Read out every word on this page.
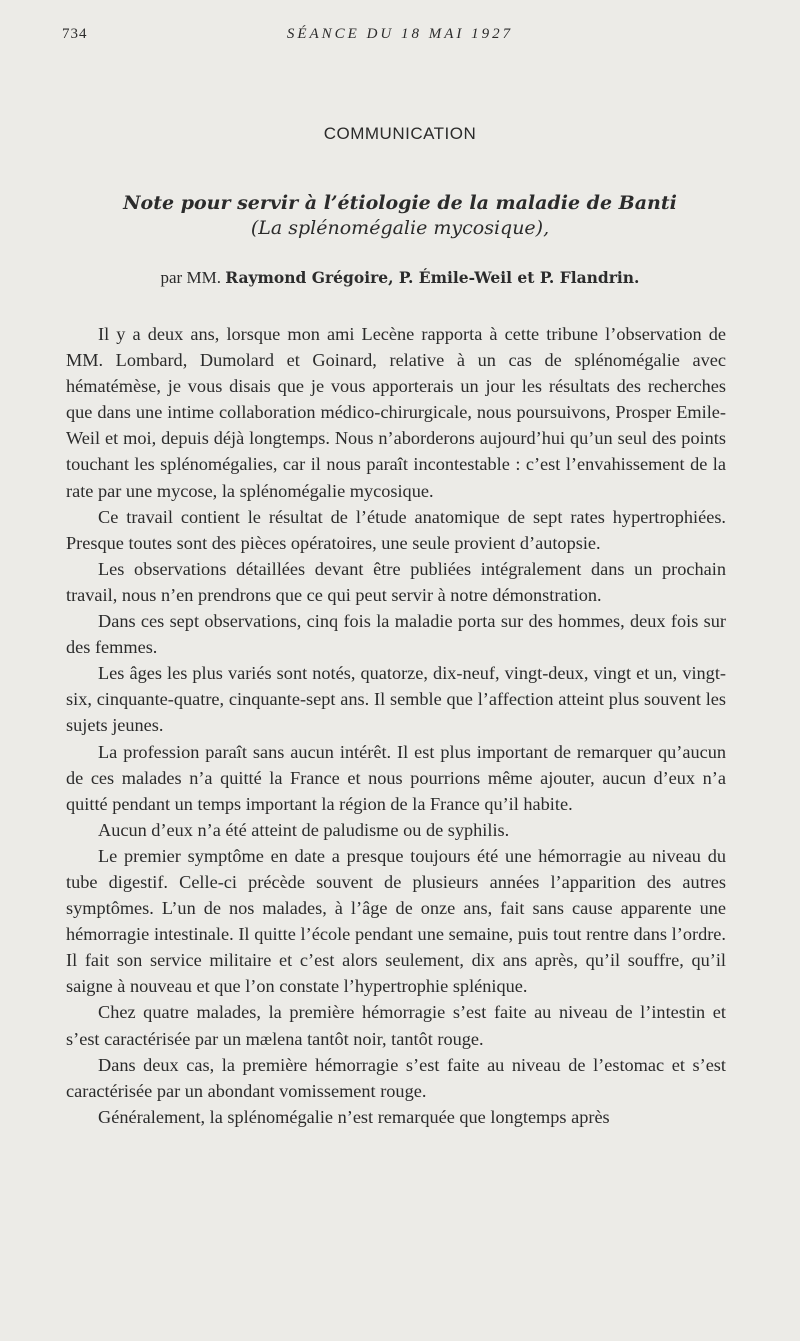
734	SÉANCE DU 18 MAI 1927
COMMUNICATION
Note pour servir à l’étiologie de la maladie de Banti
(La splénomégalie mycosique),
par MM. Raymond Grégoire, P. Émile-Weil et P. Flandrin.

Il y a deux ans, lorsque mon ami Lecène rapporta à cette tribune l’observation de MM. Lombard, Dumolard et Goinard, relative à un cas de splénomégalie avec hématémèse, je vous disais que je vous apporterais un jour les résultats des recherches que dans une intime collaboration médico-chirurgicale, nous poursuivons, Prosper Emile-Weil et moi, depuis déjà longtemps. Nous n’aborderons aujourd’hui qu’un seul des points touchant les splénomégalies, car il nous paraît incontestable : c’est l’envahissement de la rate par une mycose, la splénomégalie mycosique.

Ce travail contient le résultat de l’étude anatomique de sept rates hypertrophiées. Presque toutes sont des pièces opératoires, une seule provient d’autopsie.

Les observations détaillées devant être publiées intégralement dans un prochain travail, nous n’en prendrons que ce qui peut servir à notre démonstration.

Dans ces sept observations, cinq fois la maladie porta sur des hommes, deux fois sur des femmes.

Les âges les plus variés sont notés, quatorze, dix-neuf, vingt-deux, vingt et un, vingt-six, cinquante-quatre, cinquante-sept ans. Il semble que l’affection atteint plus souvent les sujets jeunes.

La profession paraît sans aucun intérêt. Il est plus important de remarquer qu’aucun de ces malades n’a quitté la France et nous pourrions même ajouter, aucun d’eux n’a quitté pendant un temps important la région de la France qu’il habite.

Aucun d’eux n’a été atteint de paludisme ou de syphilis.

Le premier symptôme en date a presque toujours été une hémorragie au niveau du tube digestif. Celle-ci précède souvent de plusieurs années l’apparition des autres symptômes. L’un de nos malades, à l’âge de onze ans, fait sans cause apparente une hémorragie intestinale. Il quitte l’école pendant une semaine, puis tout rentre dans l’ordre. Il fait son service militaire et c’est alors seulement, dix ans après, qu’il souffre, qu’il saigne à nouveau et que l’on constate l’hypertrophie splénique.

Chez quatre malades, la première hémorragie s’est faite au niveau de l’intestin et s’est caractérisée par un mælena tantôt noir, tantôt rouge.

Dans deux cas, la première hémorragie s’est faite au niveau de l’estomac et s’est caractérisée par un abondant vomissement rouge.

Généralement, la splénomégalie n’est remarquée que longtemps après
